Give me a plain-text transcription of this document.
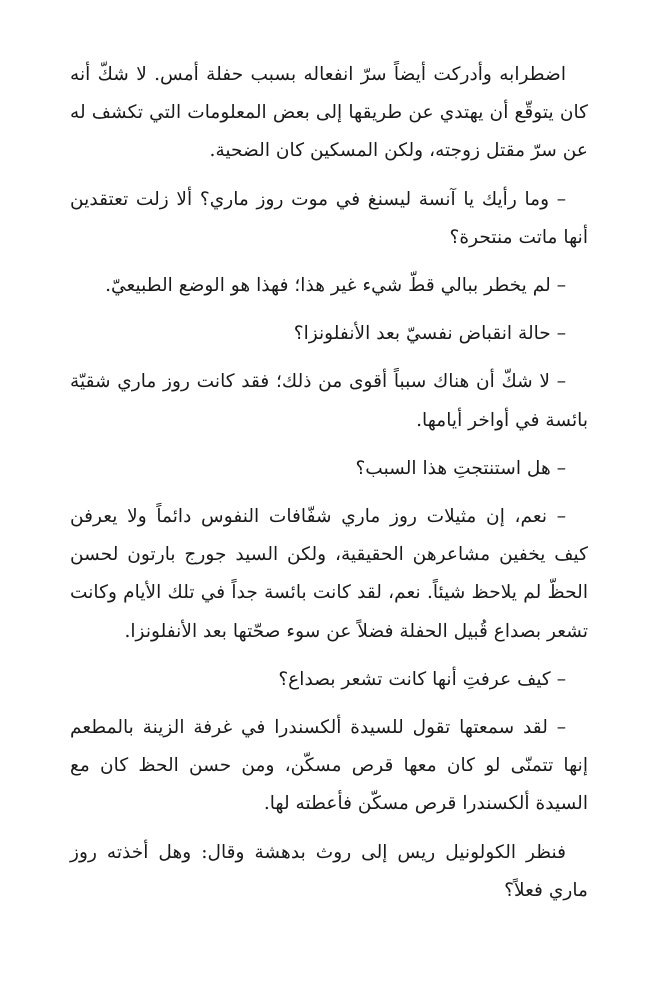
اضطرابه وأدركت أيضاً سرّ انفعاله بسبب حفلة أمس. لا شكّ أنه كان يتوقّع أن يهتدي عن طريقها إلى بعض المعلومات التي تكشف له عن سرّ مقتل زوجته، ولكن المسكين كان الضحية.

– وما رأيك يا آنسة ليسنغ في موت روز ماري؟ ألا زلت تعتقدين أنها ماتت منتحرة؟

– لم يخطر ببالي قطّ شيء غير هذا؛ فهذا هو الوضع الطبيعيّ.

– حالة انقباض نفسيّ بعد الأنفلونزا؟

– لا شكّ أن هناك سبباً أقوى من ذلك؛ فقد كانت روز ماري شقيّة بائسة في أواخر أيامها.

– هل استنتجتِ هذا السبب؟

– نعم، إن مثيلات روز ماري شفّافات النفوس دائماً ولا يعرفن كيف يخفين مشاعرهن الحقيقية، ولكن السيد جورج بارتون لحسن الحظّ لم يلاحظ شيئاً. نعم، لقد كانت بائسة جداً في تلك الأيام وكانت تشعر بصداع قُبيل الحفلة فضلاً عن سوء صحّتها بعد الأنفلونزا.

– كيف عرفتِ أنها كانت تشعر بصداع؟

– لقد سمعتها تقول للسيدة ألكسندرا في غرفة الزينة بالمطعم إنها تتمنّى لو كان معها قرص مسكّن، ومن حسن الحظ كان مع السيدة ألكسندرا قرص مسكّن فأعطته لها.

فنظر الكولونيل ريس إلى روث بدهشة وقال: وهل أخذته روز ماري فعلاً؟
